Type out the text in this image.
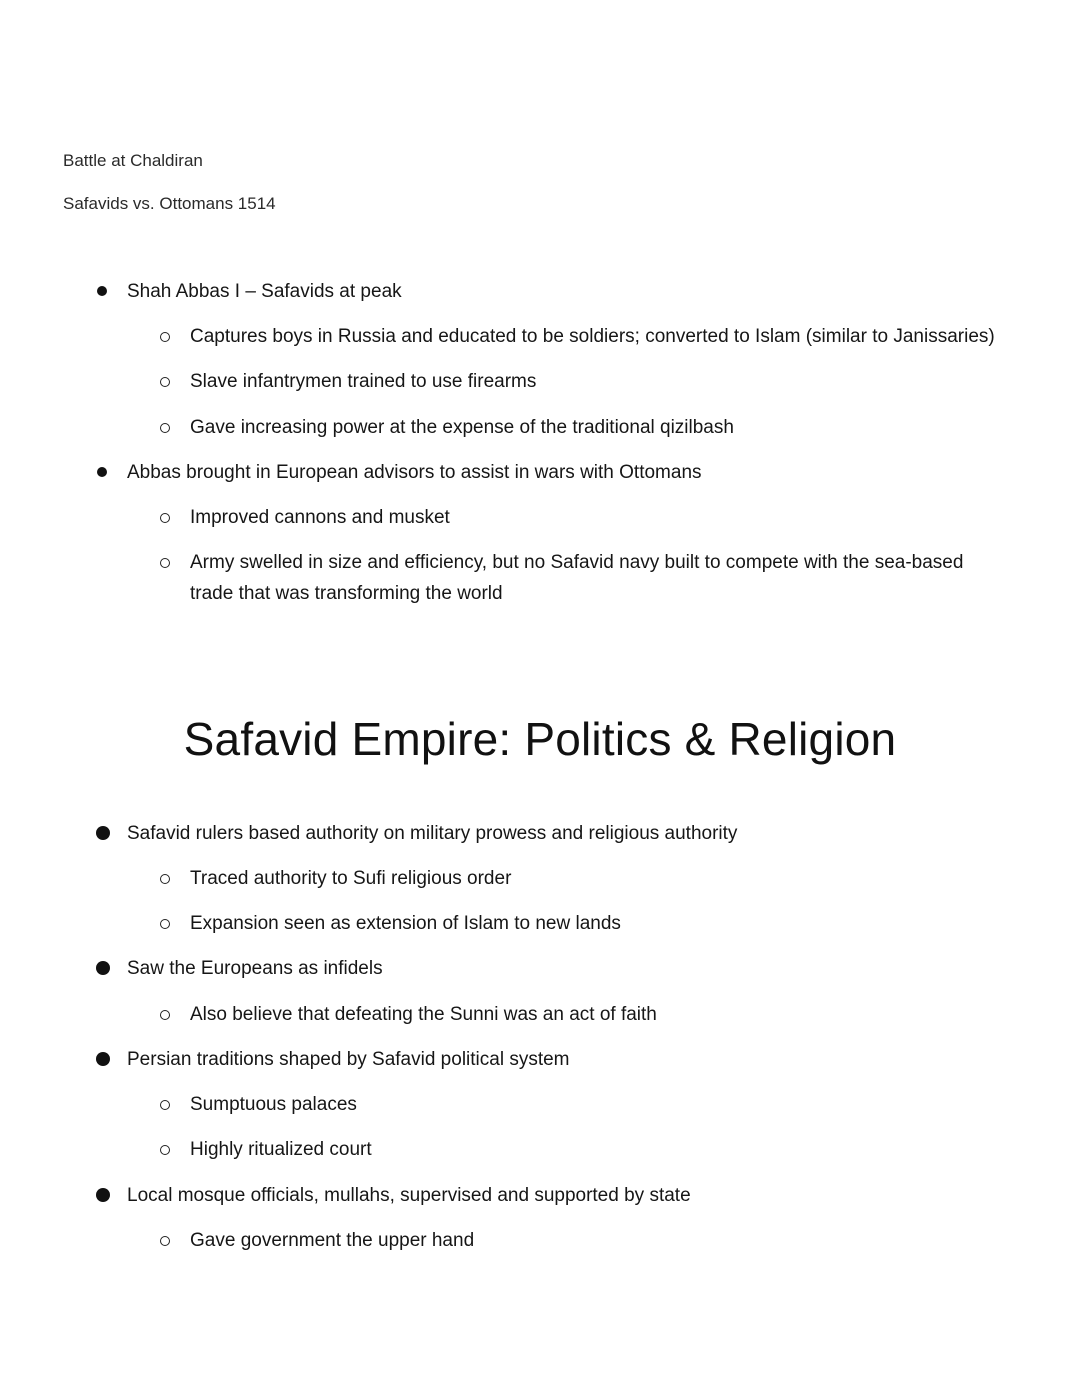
Battle at Chaldiran
Safavids vs. Ottomans 1514
Shah Abbas I – Safavids at peak
Captures boys in Russia and educated to be soldiers; converted to Islam (similar to Janissaries)
Slave infantrymen trained to use firearms
Gave increasing power at the expense of the traditional qizilbash
Abbas brought in European advisors to assist in wars with Ottomans
Improved cannons and musket
Army swelled in size and efficiency, but no Safavid navy built to compete with the sea-based trade that was transforming the world
Safavid Empire: Politics & Religion
Safavid rulers based authority on military prowess and religious authority
Traced authority to Sufi religious order
Expansion seen as extension of Islam to new lands
Saw the Europeans as infidels
Also believe that defeating the Sunni was an act of faith
Persian traditions shaped by Safavid political system
Sumptuous palaces
Highly ritualized court
Local mosque officials, mullahs, supervised and supported by state
Gave government the upper hand
